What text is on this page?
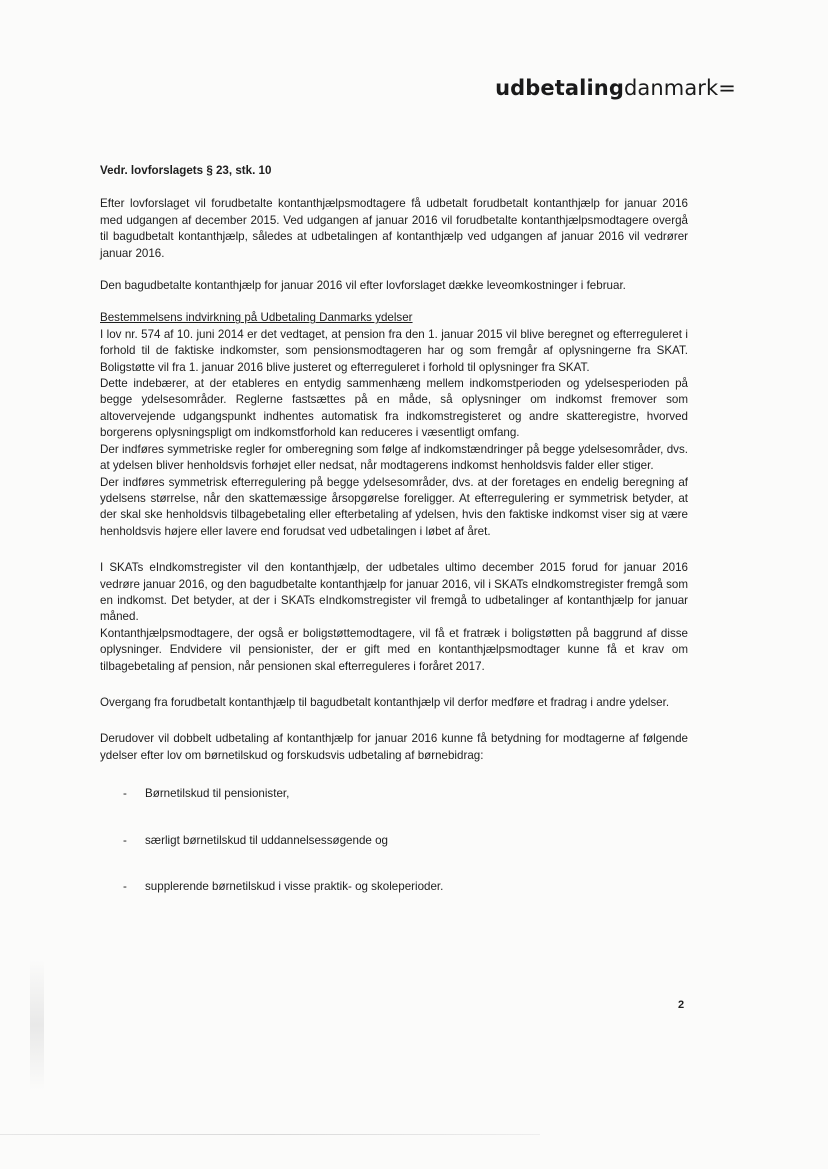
udbetalingdanmark=

Vedr. lovforslagets § 23, stk. 10

Efter lovforslaget vil forudbetalte kontanthjælpsmodtagere få udbetalt forudbetalt kontanthjælp for januar 2016 med udgangen af december 2015. Ved udgangen af januar 2016 vil forudbetalte kontanthjælpsmodtagere overgå til bagudbetalt kontanthjælp, således at udbetalingen af kontanthjælp ved udgangen af januar 2016 vil vedrører januar 2016.

Den bagudbetalte kontanthjælp for januar 2016 vil efter lovforslaget dække leveomkostninger i februar.

Bestemmelsens indvirkning på Udbetaling Danmarks ydelser

I lov nr. 574 af 10. juni 2014 er det vedtaget, at pension fra den 1. januar 2015 vil blive beregnet og efterreguleret i forhold til de faktiske indkomster, som pensionsmodtageren har og som fremgår af oplysningerne fra SKAT. Boligstøtte vil fra 1. januar 2016 blive justeret og efterreguleret i forhold til oplysninger fra SKAT.

Dette indebærer, at der etableres en entydig sammenhæng mellem indkomstperioden og ydelsesperioden på begge ydelsesområder. Reglerne fastsættes på en måde, så oplysninger om indkomst fremover som altovervejende udgangspunkt indhentes automatisk fra indkomstregisteret og andre skatteregistre, hvorved borgerens oplysningspligt om indkomstforhold kan reduceres i væsentligt omfang.

Der indføres symmetriske regler for omberegning som følge af indkomstændringer på begge ydelsesområder, dvs. at ydelsen bliver henholdsvis forhøjet eller nedsat, når modtagerens indkomst henholdsvis falder eller stiger.

Der indføres symmetrisk efterregulering på begge ydelsesområder, dvs. at der foretages en endelig beregning af ydelsens størrelse, når den skattemæssige årsopgørelse foreligger. At efterregulering er symmetrisk betyder, at der skal ske henholdsvis tilbagebetaling eller efterbetaling af ydelsen, hvis den faktiske indkomst viser sig at være henholdsvis højere eller lavere end forudsat ved udbetalingen i løbet af året.

I SKATs eIndkomstregister vil den kontanthjælp, der udbetales ultimo december 2015 forud for januar 2016 vedrøre januar 2016, og den bagudbetalte kontanthjælp for januar 2016, vil i SKATs eIndkomstregister fremgå som en indkomst. Det betyder, at der i SKATs eIndkomstregister vil fremgå to udbetalinger af kontanthjælp for januar måned.

Kontanthjælpsmodtagere, der også er boligstøttemodtagere, vil få et fratræk i boligstøtten på baggrund af disse oplysninger. Endvidere vil pensionister, der er gift med en kontanthjælpsmodtager kunne få et krav om tilbagebetaling af pension, når pensionen skal efterreguleres i foråret 2017.

Overgang fra forudbetalt kontanthjælp til bagudbetalt kontanthjælp vil derfor medføre et fradrag i andre ydelser.

Derudover vil dobbelt udbetaling af kontanthjælp for januar 2016 kunne få betydning for modtagerne af følgende ydelser efter lov om børnetilskud og forskudsvis udbetaling af børnebidrag:

- Børnetilskud til pensionister,
- særligt børnetilskud til uddannelsessøgende og
- supplerende børnetilskud i visse praktik- og skoleperioder.
2
